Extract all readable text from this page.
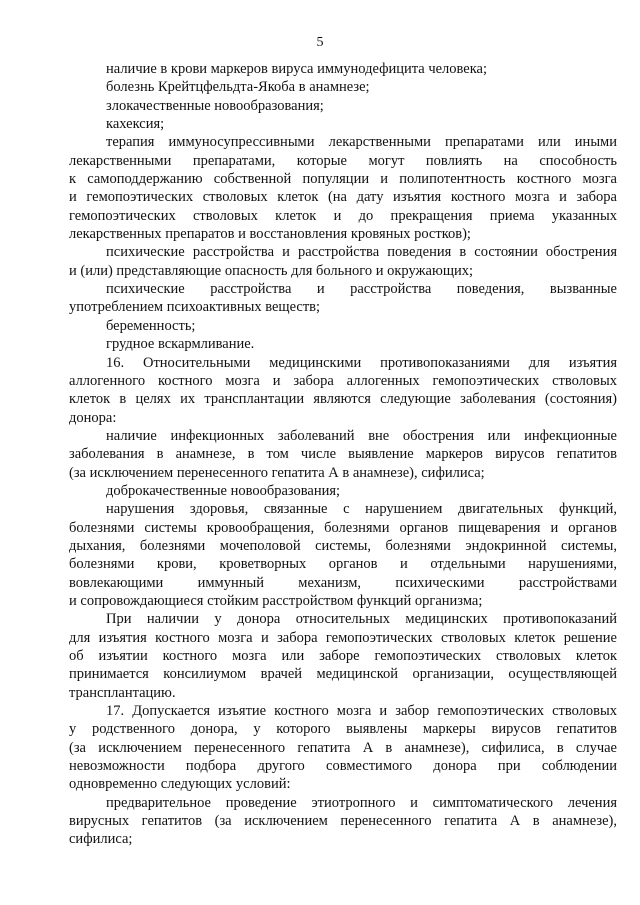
5
наличие в крови маркеров вируса иммунодефицита человека;
болезнь Крейтцфельдта-Якоба в анамнезе;
злокачественные новообразования;
кахексия;
терапия иммуносупрессивными лекарственными препаратами или иными
лекарственными препаратами, которые могут повлиять на способность
к самоподдержанию собственной популяции и полипотентность костного мозга
и гемопоэтических стволовых клеток (на дату изъятия костного мозга и забора
гемопоэтических стволовых клеток и до прекращения приема указанных
лекарственных препаратов и восстановления кровяных ростков);
психические расстройства и расстройства поведения в состоянии обострения
и (или) представляющие опасность для больного и окружающих;
психические расстройства и расстройства поведения, вызванные
употреблением психоактивных веществ;
беременность;
грудное вскармливание.
16. Относительными медицинскими противопоказаниями для изъятия
аллогенного костного мозга и забора аллогенных гемопоэтических стволовых
клеток в целях их трансплантации являются следующие заболевания (состояния)
донора:
наличие инфекционных заболеваний вне обострения или инфекционные
заболевания в анамнезе, в том числе выявление маркеров вирусов гепатитов
(за исключением перенесенного гепатита А в анамнезе), сифилиса;
доброкачественные новообразования;
нарушения здоровья, связанные с нарушением двигательных функций,
болезнями системы кровообращения, болезнями органов пищеварения и органов
дыхания, болезнями мочеполовой системы, болезнями эндокринной системы,
болезнями крови, кроветворных органов и отдельными нарушениями,
вовлекающими иммунный механизм, психическими расстройствами
и сопровождающиеся стойким расстройством функций организма;
При наличии у донора относительных медицинских противопоказаний
для изъятия костного мозга и забора гемопоэтических стволовых клеток решение
об изъятии костного мозга или заборе гемопоэтических стволовых клеток
принимается консилиумом врачей медицинской организации, осуществляющей
трансплантацию.
17. Допускается изъятие костного мозга и забор гемопоэтических стволовых
у родственного донора, у которого выявлены маркеры вирусов гепатитов
(за исключением перенесенного гепатита А в анамнезе), сифилиса, в случае
невозможности подбора другого совместимого донора при соблюдении
одновременно следующих условий:
предварительное проведение этиотропного и симптоматического лечения
вирусных гепатитов (за исключением перенесенного гепатита А в анамнезе),
сифилиса;
